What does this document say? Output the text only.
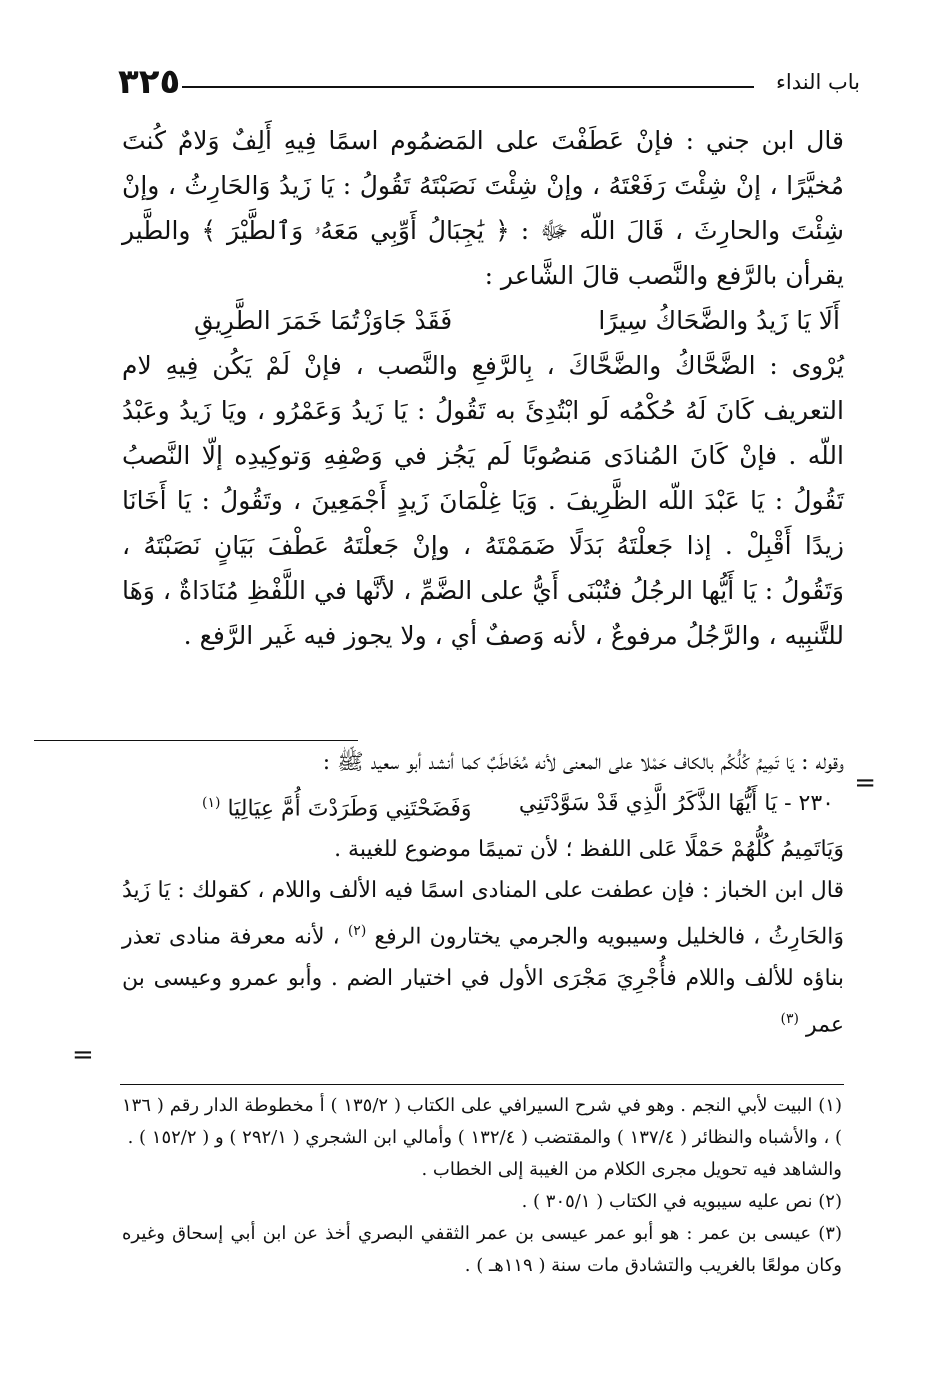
٣٢٥	باب النداء

قال ابن جني : فإنْ عَطَفْتَ على المَضمُوم اسمًا فِيهِ أَلِفٌ وَلامٌ كُنتَ مُخيَّرًا ، إنْ شِئْتَ رَفَعْتَهُ ، وإنْ شِئْتَ نَصَبْتَهُ تَقُولُ : يَا زَيدُ وَالحَارِثُ ، وإنْ شِئْتَ والحارِثَ ، قَالَ اللّه ﷻ : ﴿ يَٰجِبَالُ أَوِّبِي مَعَهُۥ وَٱلطَّيْرَ ﴾ والطَّير يقرأن بالرَّفع والنَّصب قالَ الشَّاعر :

أَلَا يَا زَيدُ والضَّحَاكُ سِيرًا
فَقَدْ جَاوَزْتُمَا خَمَرَ الطَّرِيقِ

يُرْوى : الضَّحَّاكُ والضَّحَّاكَ ، بِالرَّفعِ والنَّصب ، فإنْ لَمْ يَكُن فِيهِ لام التعريف كَانَ لَهُ حُكْمُه لَو ابْتُدِئَ به تَقُولُ : يَا زَيدُ وَعَمْرُو ، ويَا زَيدُ وعَبْدُ اللّه . فإنْ كَانَ المُنادَى مَنصُوبًا لَم يَجُز في وَصْفِهِ وَتوكِيدِه إلّا النَّصبُ تَقُولُ : يَا عَبْدَ اللّه الظَّرِيفَ . وَيَا غِلْمَانَ زَيدٍ أَجْمَعِينَ ، وتَقُولُ : يَا أَخَانَا زيدًا أَقْبِلْ . إذا جَعلْتَهُ بَدَلًا ضَمَمْتَهُ ، وإنْ جَعلْتَهُ عَطْفَ بَيَانٍ نَصَبْتَهُ ، وَتَقُولُ : يَا أَيُّها الرجُلُ فتُبْنَى أَيُّ على الضَّمِّ ، لأنَّها في اللَّفْظِ مُنَادَاةٌ ، وَهَا للتَّنبِيه ، والرَّجُلُ مرفوعٌ ، لأنه وَصفٌ أي ، ولا يجوز فيه غَير الرَّفع .

=

وقوله : يَا تَمِيمُ كُلُّكُم بالكاف حَمْلا على المعنى لأنه مُخَاطَبٌ كما أنشد أبو سعيد ﷺ :

٢٣٠ - يَا أَيُّهَا الذَّكَرُ الَّذِي قَدْ سَوَّدْتَنِي
وَفَضَحْتَنِي وَطَرَدْتَ أُمَّ عِيَالِيَا $^{(١)}$

وَيَاتَمِيمُ كُلُّهُمْ حَمْلًا عَلى اللفظ ؛ لأن تميمًا موضوع للغيبة .

قال ابن الخباز : فإن عطفت على المنادى اسمًا فيه الألف واللام ، كقولك : يَا زَيدُ وَالحَارِثُ ، فالخليل وسيبويه والجرمي يختارون الرفع $^{(٢)}$ ، لأنه معرفة منادى تعذر بناؤه للألف واللام فأُجْرِيَ مَجْرَى الأول في اختيار الضم . وأبو عمرو وعيسى بن عمر $^{(٣)}$

=

(١) البيت لأبي النجم . وهو في شرح السيرافي على الكتاب ( ١٣٥/٢ ) أ مخطوطة الدار رقم ( ١٣٦ ) ، والأشباه والنظائر ( ١٣٧/٤ ) والمقتضب ( ١٣٢/٤ ) وأمالي ابن الشجري ( ٢٩٢/١ ) و ( ١٥٢/٢ ) .

والشاهد فيه تحويل مجرى الكلام من الغيبة إلى الخطاب .

(٢) نص عليه سيبويه في الكتاب ( ٣٠٥/١ ) .

(٣) عيسى بن عمر : هو أبو عمر عيسى بن عمر الثقفي البصري أخذ عن ابن أبي إسحاق وغيره وكان مولعًا بالغريب والتشادق مات سنة ( ١١٩هـ ) .
